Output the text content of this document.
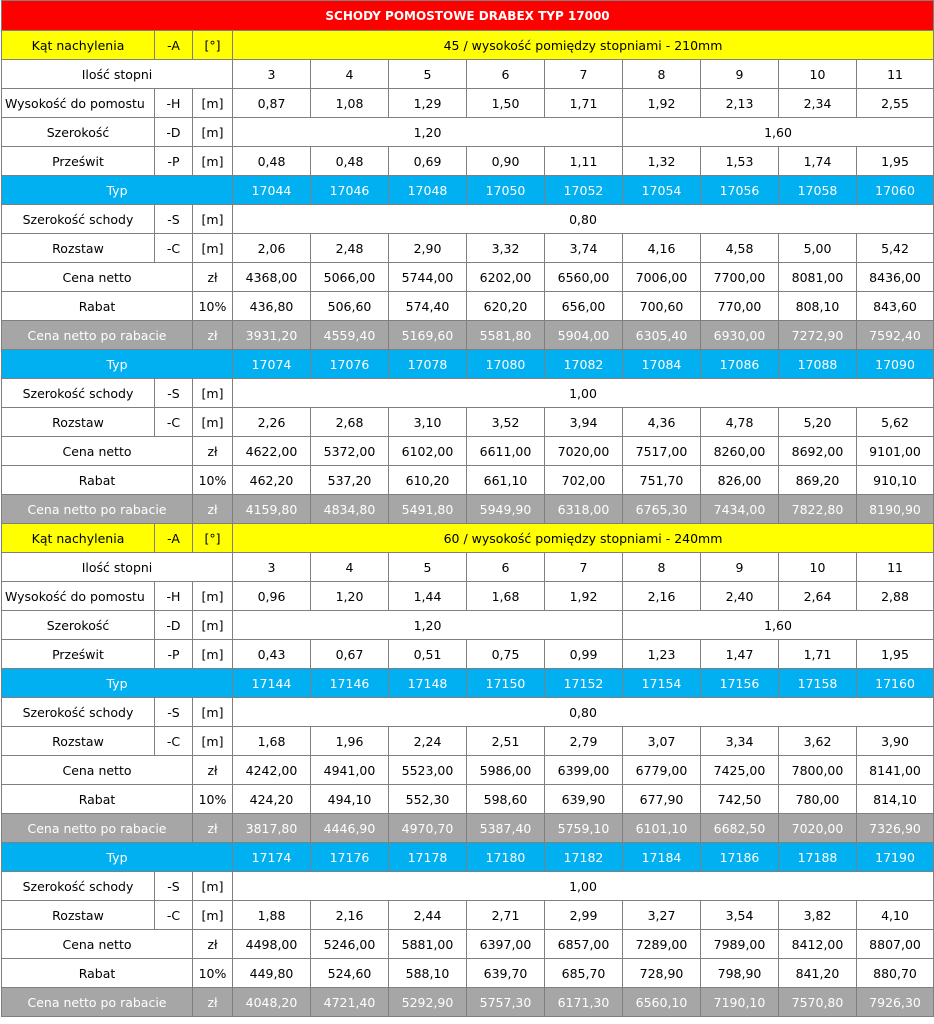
SCHODY POMOSTOWE DRABEX TYP 17000											
Kąt nachylenia	-A	[°]	45 / wysokość pomiędzy stopniami - 210mm								
Ilość stopni			3	4	5	6	7	8	9	10	11
Wysokość do pomostu	-H	[m]	0,87	1,08	1,29	1,50	1,71	1,92	2,13	2,34	2,55
Szerokość	-D	[m]	1,20					1,60			
Prześwit	-P	[m]	0,48	0,48	0,69	0,90	1,11	1,32	1,53	1,74	1,95
Typ			17044	17046	17048	17050	17052	17054	17056	17058	17060
Szerokość schody	-S	[m]	0,80								
Rozstaw	-C	[m]	2,06	2,48	2,90	3,32	3,74	4,16	4,58	5,00	5,42
Cena netto		zł	4368,00	5066,00	5744,00	6202,00	6560,00	7006,00	7700,00	8081,00	8436,00
Rabat		10%	436,80	506,60	574,40	620,20	656,00	700,60	770,00	808,10	843,60
Cena netto po rabacie		zł	3931,20	4559,40	5169,60	5581,80	5904,00	6305,40	6930,00	7272,90	7592,40
Typ			17074	17076	17078	17080	17082	17084	17086	17088	17090
Szerokość schody	-S	[m]	1,00								
Rozstaw	-C	[m]	2,26	2,68	3,10	3,52	3,94	4,36	4,78	5,20	5,62
Cena netto		zł	4622,00	5372,00	6102,00	6611,00	7020,00	7517,00	8260,00	8692,00	9101,00
Rabat		10%	462,20	537,20	610,20	661,10	702,00	751,70	826,00	869,20	910,10
Cena netto po rabacie		zł	4159,80	4834,80	5491,80	5949,90	6318,00	6765,30	7434,00	7822,80	8190,90
Kąt nachylenia	-A	[°]	60 / wysokość pomiędzy stopniami - 240mm								
Ilość stopni			3	4	5	6	7	8	9	10	11
Wysokość do pomostu	-H	[m]	0,96	1,20	1,44	1,68	1,92	2,16	2,40	2,64	2,88
Szerokość	-D	[m]	1,20					1,60			
Prześwit	-P	[m]	0,43	0,67	0,51	0,75	0,99	1,23	1,47	1,71	1,95
Typ			17144	17146	17148	17150	17152	17154	17156	17158	17160
Szerokość schody	-S	[m]	0,80								
Rozstaw	-C	[m]	1,68	1,96	2,24	2,51	2,79	3,07	3,34	3,62	3,90
Cena netto		zł	4242,00	4941,00	5523,00	5986,00	6399,00	6779,00	7425,00	7800,00	8141,00
Rabat		10%	424,20	494,10	552,30	598,60	639,90	677,90	742,50	780,00	814,10
Cena netto po rabacie		zł	3817,80	4446,90	4970,70	5387,40	5759,10	6101,10	6682,50	7020,00	7326,90
Typ			17174	17176	17178	17180	17182	17184	17186	17188	17190
Szerokość schody	-S	[m]	1,00								
Rozstaw	-C	[m]	1,88	2,16	2,44	2,71	2,99	3,27	3,54	3,82	4,10
Cena netto		zł	4498,00	5246,00	5881,00	6397,00	6857,00	7289,00	7989,00	8412,00	8807,00
Rabat		10%	449,80	524,60	588,10	639,70	685,70	728,90	798,90	841,20	880,70
Cena netto po rabacie		zł	4048,20	4721,40	5292,90	5757,30	6171,30	6560,10	7190,10	7570,80	7926,30
